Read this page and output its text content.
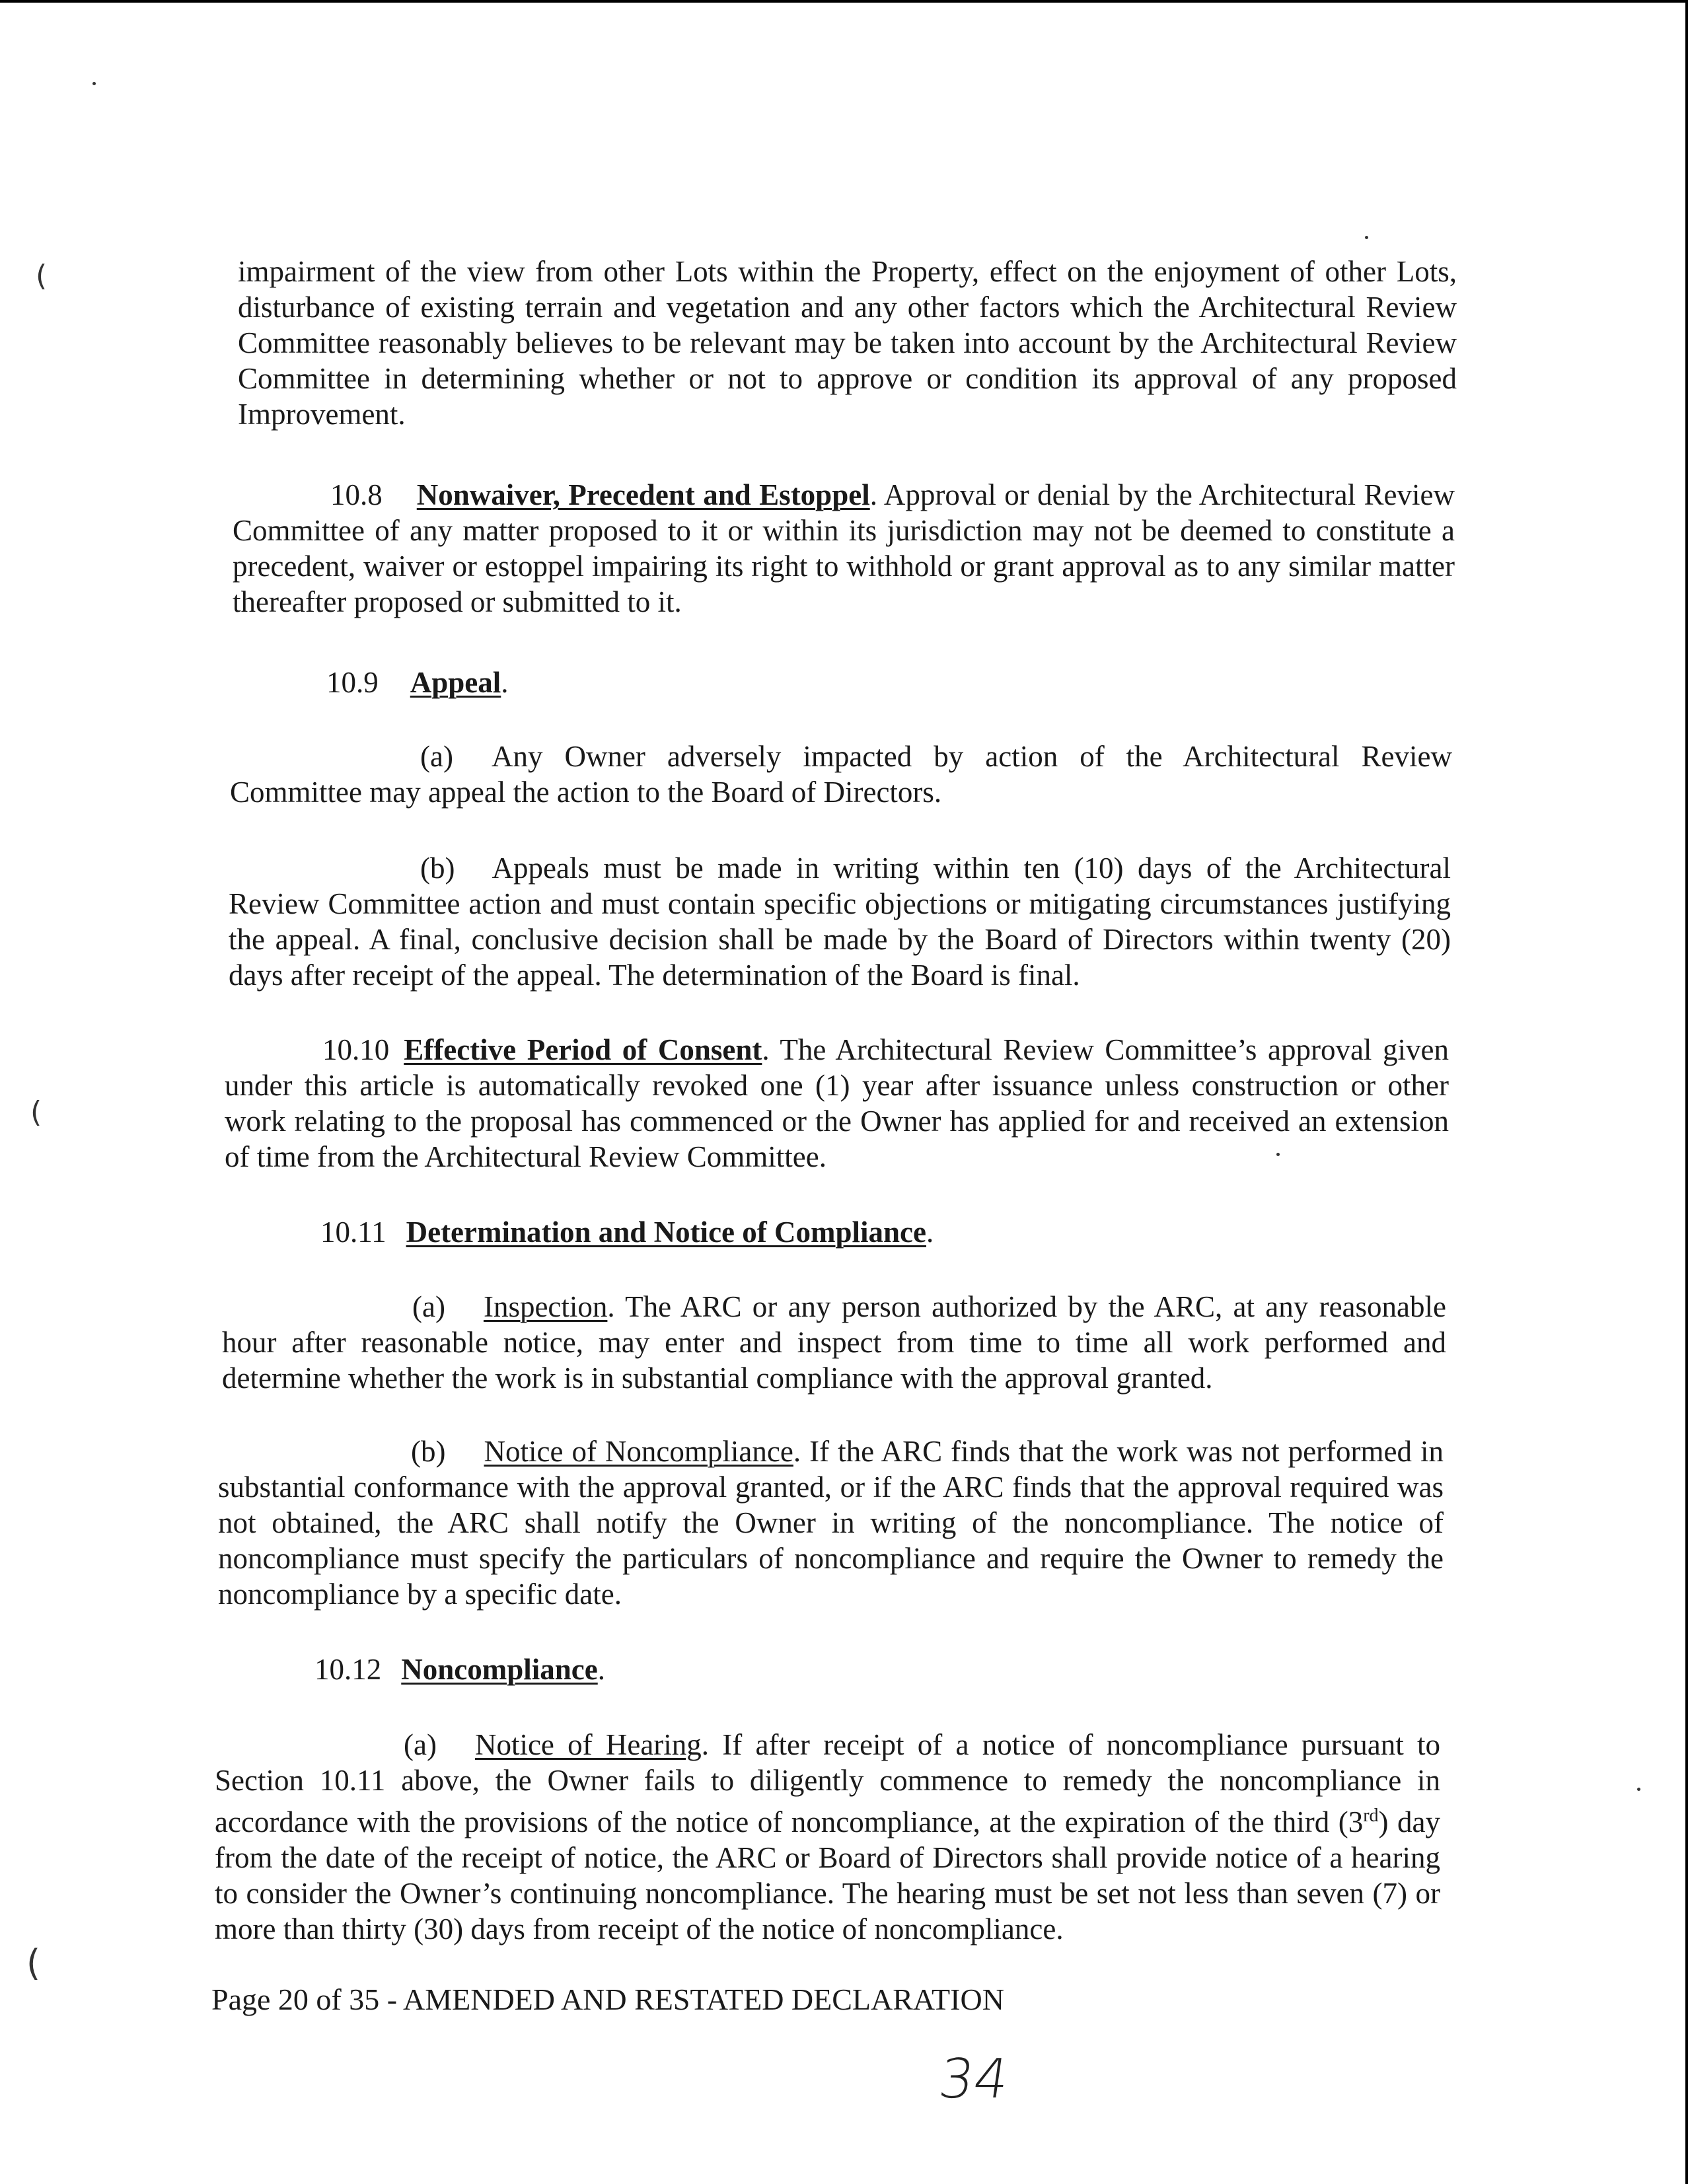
(
(
(
impairment of the view from other Lots within the Property, effect on the enjoyment of other Lots, disturbance of existing terrain and vegetation and any other factors which the Architectural Review Committee reasonably believes to be relevant may be taken into account by the Architectural Review Committee in determining whether or not to approve or condition its approval of any proposed Improvement.
10.8 Nonwaiver, Precedent and Estoppel. Approval or denial by the Architectural Review Committee of any matter proposed to it or within its jurisdiction may not be deemed to constitute a precedent, waiver or estoppel impairing its right to withhold or grant approval as to any similar matter thereafter proposed or submitted to it.
10.9 Appeal.
(a) Any Owner adversely impacted by action of the Architectural Review Committee may appeal the action to the Board of Directors.
(b) Appeals must be made in writing within ten (10) days of the Architectural Review Committee action and must contain specific objections or mitigating circumstances justifying the appeal. A final, conclusive decision shall be made by the Board of Directors within twenty (20) days after receipt of the appeal. The determination of the Board is final.
10.10 Effective Period of Consent. The Architectural Review Committee’s approval given under this article is automatically revoked one (1) year after issuance unless construction or other work relating to the proposal has commenced or the Owner has applied for and received an extension of time from the Architectural Review Committee.
10.11 Determination and Notice of Compliance.
(a) Inspection. The ARC or any person authorized by the ARC, at any reasonable hour after reasonable notice, may enter and inspect from time to time all work performed and determine whether the work is in substantial compliance with the approval granted.
(b) Notice of Noncompliance. If the ARC finds that the work was not performed in substantial conformance with the approval granted, or if the ARC finds that the approval required was not obtained, the ARC shall notify the Owner in writing of the noncompliance. The notice of noncompliance must specify the particulars of noncompliance and require the Owner to remedy the noncompliance by a specific date.
10.12 Noncompliance.
(a) Notice of Hearing. If after receipt of a notice of noncompliance pursuant to Section 10.11 above, the Owner fails to diligently commence to remedy the noncompliance in accordance with the provisions of the notice of noncompliance, at the expiration of the third (3rd) day from the date of the receipt of notice, the ARC or Board of Directors shall provide notice of a hearing to consider the Owner’s continuing noncompliance. The hearing must be set not less than seven (7) or more than thirty (30) days from receipt of the notice of noncompliance.
Page 20 of 35 - AMENDED AND RESTATED DECLARATION
34
